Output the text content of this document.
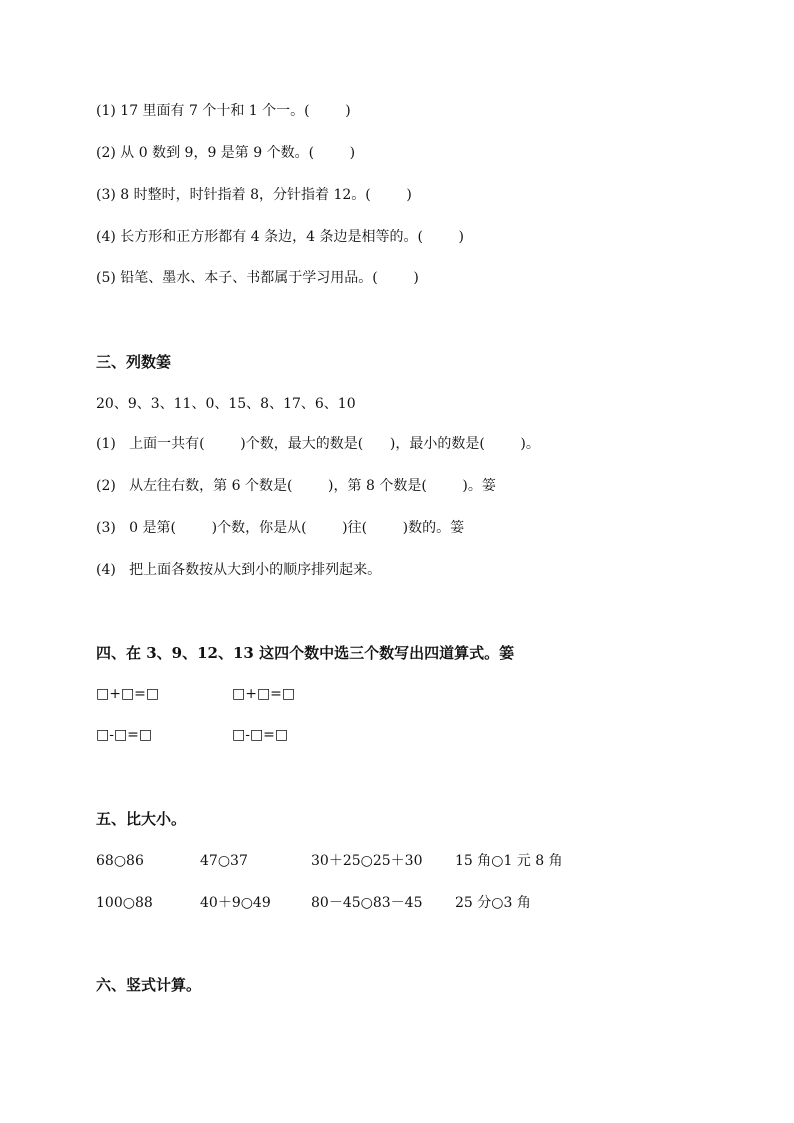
(1) 17 里面有 7 个十和 1 个一。(        )
(2) 从 0 数到 9，9 是第 9 个数。(        )
(3) 8 时整时，时针指着 8，分针指着 12。(        )
(4) 长方形和正方形都有 4 条边，4 条边是相等的。(        )
(5) 铅笔、墨水、本子、书都属于学习用品。(        )
三、列数䈉
20、9、3、11、0、15、8、17、6、10
(1)   上面一共有(        )个数，最大的数是(      )，最小的数是(        )。
(2)   从左往右数，第 6 个数是(        )，第 8 个数是(        )。䈉
(3)   0 是第(        )个数，你是从(        )往(        )数的。䈉
(4)   把上面各数按从大到小的顺序排列起来。
四、在 3、9、12、13 这四个数中选三个数写出四道算式。䈉
□+□=□	□+□=□
□-□=□	□-□=□
五、比大小。
68○86	47○37	30＋25○25＋30 15 角○1 元 8 角
100○88	40＋9○49	80－45○83－45 25 分○3 角
六、竖式计算。
